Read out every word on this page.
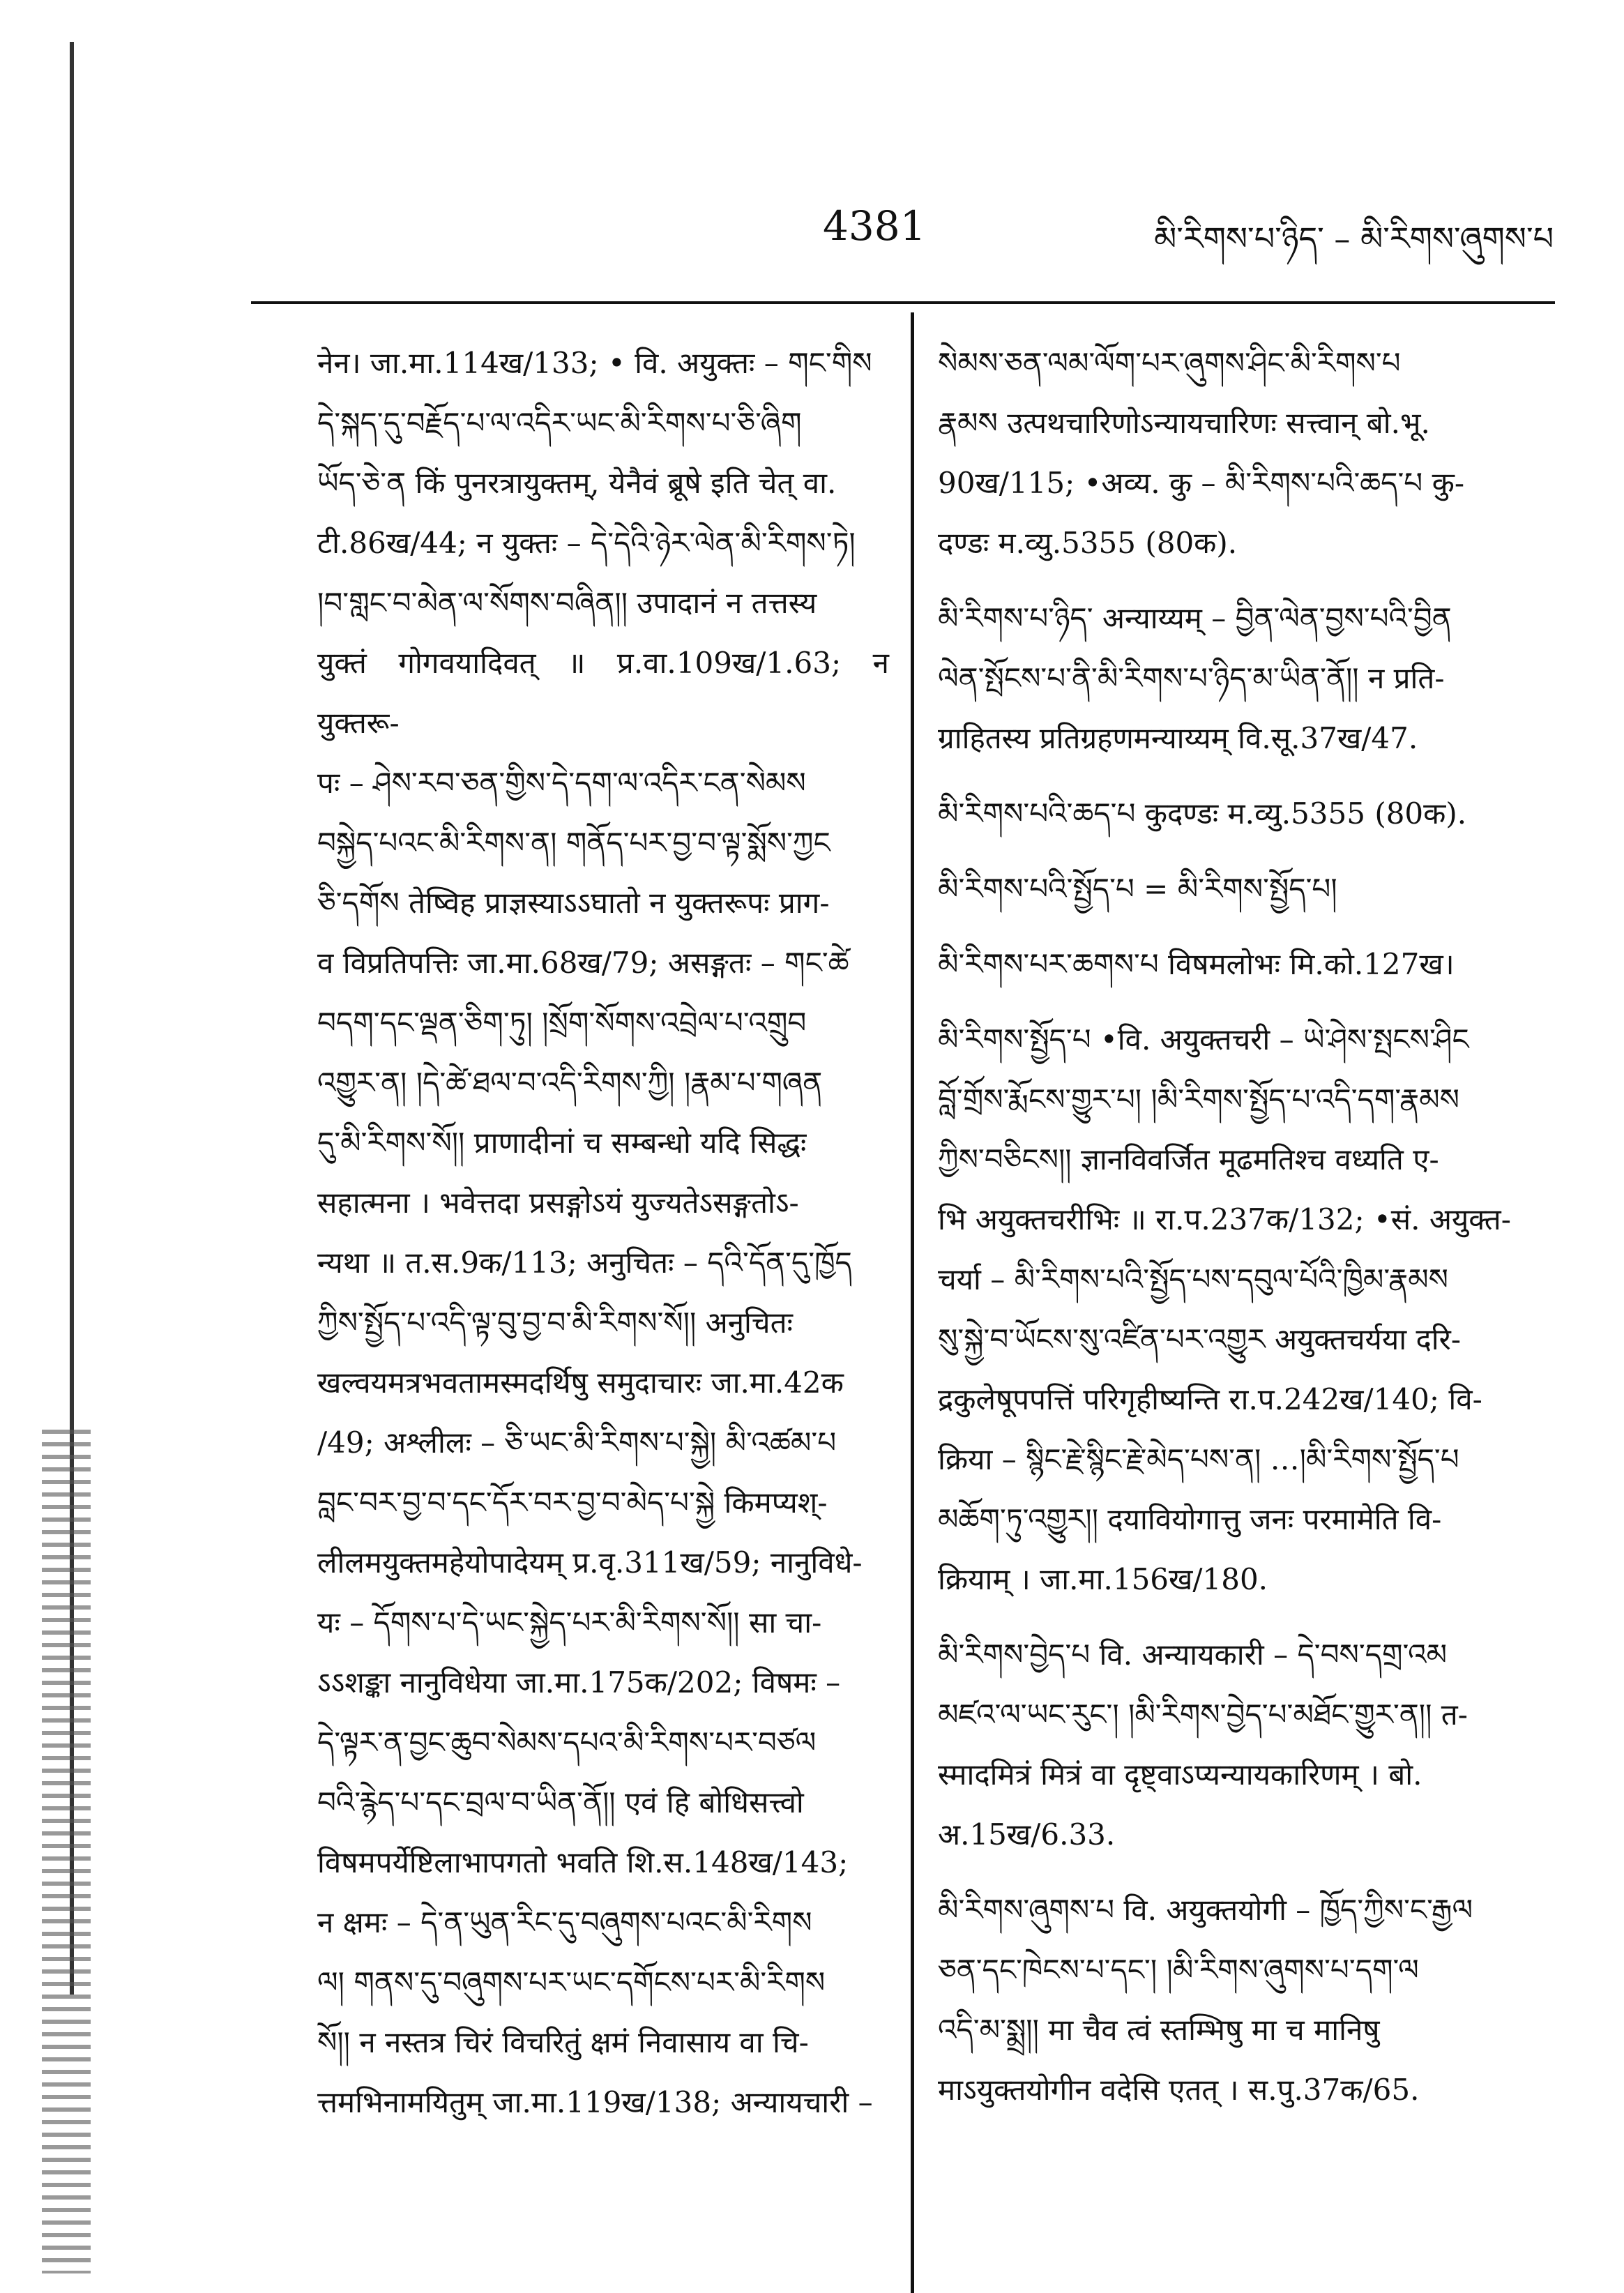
4381	མི་རིགས་པ་ཉིད་ – མི་རིགས་ཞུགས་པ

नेन। जा.मा.114ख/133; • वि. अयुक्तः – གང་གིས

དེ་སྐད་དུ་བརྗོད་པ་ལ་འདིར་ཡང་མི་རིགས་པ་ཅི་ཞིག

ཡོད་ཅེ་ན किं पुनरत्रायुक्तम्, येनैवं ब्रूषे इति चेत् वा.

टी.86ख/44; न युक्तः – དེ་དེའི་ཉེར་ལེན་མི་རིགས་ཏེ།

།བ་གླང་བ་མེན་ལ་སོགས་བཞིན།། उपादानं न तत्तस्य

युक्तं गोगवयादिवत् ॥ प्र.वा.109ख/1.63; न युक्तरू-

पः – ཤེས་རབ་ཅན་གྱིས་དེ་དག་ལ་འདིར་ངན་སེམས

བསྐྱེད་པའང་མི་རིགས་ན། གནོད་པར་བྱ་བ་ལྟ་སྨོས་ཀྱང

ཅི་དགོས तेष्विह प्राज्ञस्याऽऽघातो न युक्तरूपः प्राग-

व विप्रतिपत्तिः जा.मा.68ख/79; असङ्गतः – གང་ཚེ

བདག་དང་ལྡན་ཅིག་ཏུ། །སྲོག་སོགས་འབྲེལ་པ་འགྲུབ

འགྱུར་ན། །དེ་ཚེ་ཐལ་བ་འདི་རིགས་ཀྱི། །རྣམ་པ་གཞན

དུ་མི་རིགས་སོ།། प्राणादीनां च सम्बन्धो यदि सिद्धः

सहात्मना । भवेत्तदा प्रसङ्गोऽयं युज्यतेऽसङ्गतोऽ-

न्यथा ॥ त.स.9क/113; अनुचितः – དའི་དོན་དུ་ཁྱོད

ཀྱིས་སྤྱོད་པ་འདི་ལྟ་བུ་བྱ་བ་མི་རིགས་སོ།། अनुचितः

खल्वयमत्रभवतामस्मदर्थिषु समुदाचारः जा.मा.42क

/49; अश्लीलः – ཅི་ཡང་མི་རིགས་པ་སྐྱེ། མི་འཚམ་པ

བླང་བར་བྱ་བ་དང་དོར་བར་བྱ་བ་མེད་པ་སྐྱེ किमप्यश्-

लीलमयुक्तमहेयोपादेयम् प्र.वृ.311ख/59; नानुविधे-

यः – དོགས་པ་དེ་ཡང་སྐྱེད་པར་མི་རིགས་སོ།། सा चा-

ऽऽशङ्का नानुविधेया जा.मा.175क/202; विषमः –

དེ་ལྟར་ན་བྱང་ཆུབ་སེམས་དཔའ་མི་རིགས་པར་བཙལ

བའི་རྙེད་པ་དང་བྲལ་བ་ཡིན་ནོ།། एवं हि बोधिसत्त्वो

विषमपर्येष्टिलाभापगतो भवति शि.स.148ख/143;

न क्षमः – དེ་ན་ཡུན་རིང་དུ་བཞུགས་པའང་མི་རིགས

ལ། གནས་དུ་བཞུགས་པར་ཡང་དགོངས་པར་མི་རིགས

སོ།། न नस्तत्र चिरं विचरितुं क्षमं निवासाय वा चि-

त्तमभिनामयितुम् जा.मा.119ख/138; अन्यायचारी –

སེམས་ཅན་ལམ་ལོག་པར་ཞུགས་ཤིང་མི་རིགས་པ

རྣམས उत्पथचारिणोऽन्यायचारिणः सत्त्वान् बो.भू.

90ख/115; •अव्य. कु – མི་རིགས་པའི་ཆད་པ कु-

दण्डः म.व्यु.5355 (80क).

མི་རིགས་པ་ཉིད་ अन्याय्यम् – བྱིན་ལེན་བྱས་པའི་བྱིན

ལེན་སྤོངས་པ་ནི་མི་རིགས་པ་ཉིད་མ་ཡིན་ནོ།། न प्रति-

ग्राहितस्य प्रतिग्रहणमन्याय्यम् वि.सू.37ख/47.

མི་རིགས་པའི་ཆད་པ कुदण्डः म.व्यु.5355 (80क).

མི་རིགས་པའི་སྤྱོད་པ = མི་རིགས་སྤྱོད་པ།

མི་རིགས་པར་ཆགས་པ विषमलोभः मि.को.127ख।

མི་རིགས་སྤྱོད་པ •वि. अयुक्तचरी – ཡེ་ཤེས་སྤངས་ཤིང

བློ་གྲོས་རྨོངས་གྱུར་པ། །མི་རིགས་སྤྱོད་པ་འདི་དག་རྣམས

ཀྱིས་བཅིངས།། ज्ञानविवर्जित मूढमतिश्च वध्यति ए-

भि अयुक्तचरीभिः ॥ रा.प.237क/132; •सं. अयुक्त-

चर्या – མི་རིགས་པའི་སྤྱོད་པས་དབུལ་པོའི་ཁྱིམ་རྣམས

སུ་སྐྱེ་བ་ཡོངས་སུ་འཛིན་པར་འགྱུར अयुक्तचर्यया दरि-

द्रकुलेषूपपत्तिं परिगृहीष्यन्ति रा.प.242ख/140; वि-

क्रिया – སྙིང་རྗེ་སྙིང་རྗེ་མེད་པས་ན། …།མི་རིགས་སྤྱོད་པ

མཆོག་ཏུ་འགྱུར།། दयावियोगात्तु जनः परमामेति वि-

क्रियाम् । जा.मा.156ख/180.

མི་རིགས་བྱེད་པ वि. अन्यायकारी – དེ་བས་དགྲ་འམ

མཛའ་ལ་ཡང་རུང་། །མི་རིགས་བྱེད་པ་མཐོང་གྱུར་ན།། त-

स्मादमित्रं मित्रं वा दृष्ट्वाऽप्यन्यायकारिणम् । बो.

अ.15ख/6.33.

མི་རིགས་ཞུགས་པ वि. अयुक्तयोगी – ཁྱོད་ཀྱིས་ང་རྒྱལ

ཅན་དང་ཁེངས་པ་དང་། །མི་རིགས་ཞུགས་པ་དག་ལ

འདི་མ་སྨྲ།། मा चैव त्वं स्तम्भिषु मा च मानिषु

माऽयुक्तयोगीन वदेसि एतत् । स.पु.37क/65.
